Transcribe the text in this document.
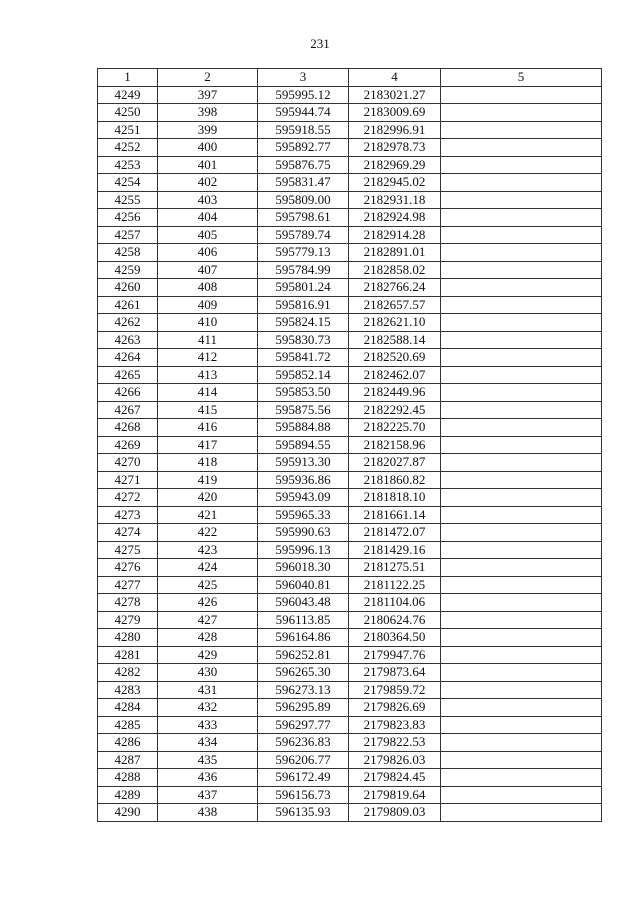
231
1	2	3	4	5
4249	397	595995.12	2183021.27	
4250	398	595944.74	2183009.69	
4251	399	595918.55	2182996.91	
4252	400	595892.77	2182978.73	
4253	401	595876.75	2182969.29	
4254	402	595831.47	2182945.02	
4255	403	595809.00	2182931.18	
4256	404	595798.61	2182924.98	
4257	405	595789.74	2182914.28	
4258	406	595779.13	2182891.01	
4259	407	595784.99	2182858.02	
4260	408	595801.24	2182766.24	
4261	409	595816.91	2182657.57	
4262	410	595824.15	2182621.10	
4263	411	595830.73	2182588.14	
4264	412	595841.72	2182520.69	
4265	413	595852.14	2182462.07	
4266	414	595853.50	2182449.96	
4267	415	595875.56	2182292.45	
4268	416	595884.88	2182225.70	
4269	417	595894.55	2182158.96	
4270	418	595913.30	2182027.87	
4271	419	595936.86	2181860.82	
4272	420	595943.09	2181818.10	
4273	421	595965.33	2181661.14	
4274	422	595990.63	2181472.07	
4275	423	595996.13	2181429.16	
4276	424	596018.30	2181275.51	
4277	425	596040.81	2181122.25	
4278	426	596043.48	2181104.06	
4279	427	596113.85	2180624.76	
4280	428	596164.86	2180364.50	
4281	429	596252.81	2179947.76	
4282	430	596265.30	2179873.64	
4283	431	596273.13	2179859.72	
4284	432	596295.89	2179826.69	
4285	433	596297.77	2179823.83	
4286	434	596236.83	2179822.53	
4287	435	596206.77	2179826.03	
4288	436	596172.49	2179824.45	
4289	437	596156.73	2179819.64	
4290	438	596135.93	2179809.03	
